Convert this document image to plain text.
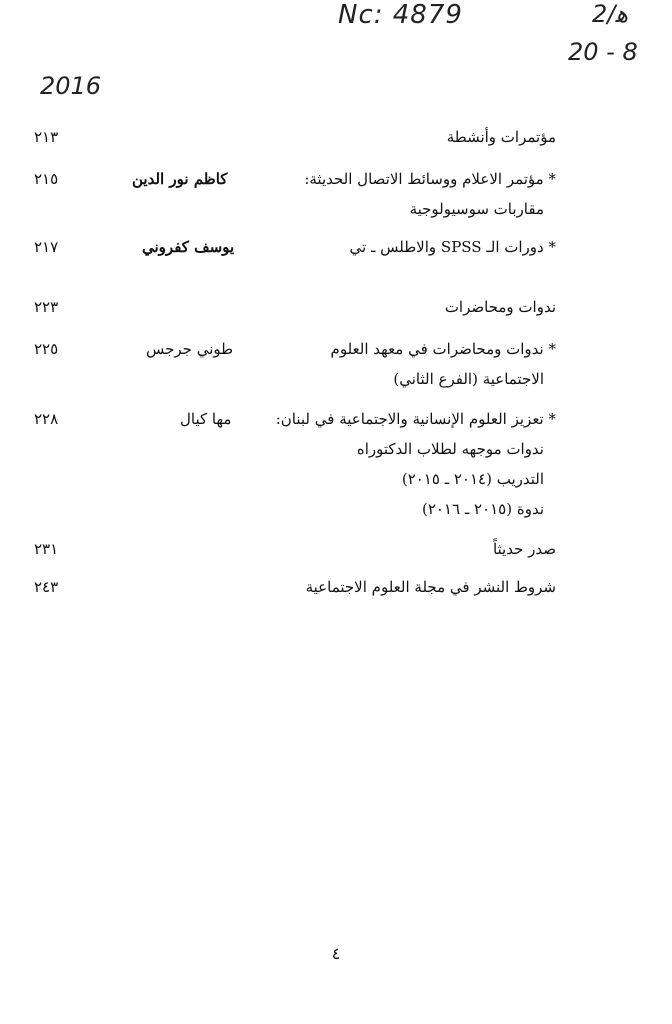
Nc: 4879	ﻫ/2
20 - 8
2016
مؤتمرات وأنشطة
٢١٣
* مؤتمر الاعلام ووسائط الاتصال الحديثة:
كاظم نور الدين
٢١٥
مقاربات سوسيولوجية
* دورات الـ SPSS والاطلس ـ تي
يوسف كفروني
٢١٧
ندوات ومحاضرات
٢٢٣
* ندوات ومحاضرات في معهد العلوم
طوني جرجس
٢٢٥
الاجتماعية (الفرع الثاني)
* تعزيز العلوم الإنسانية والاجتماعية في لبنان:
مها كيال
٢٢٨
ندوات موجهه لطلاب الدكتوراه
التدريب (٢٠١٤ ـ ٢٠١٥)
ندوة (٢٠١٥ ـ ٢٠١٦)
صدر حديثاً
٢٣١
شروط النشر في مجلة العلوم الاجتماعية
٢٤٣
٤
